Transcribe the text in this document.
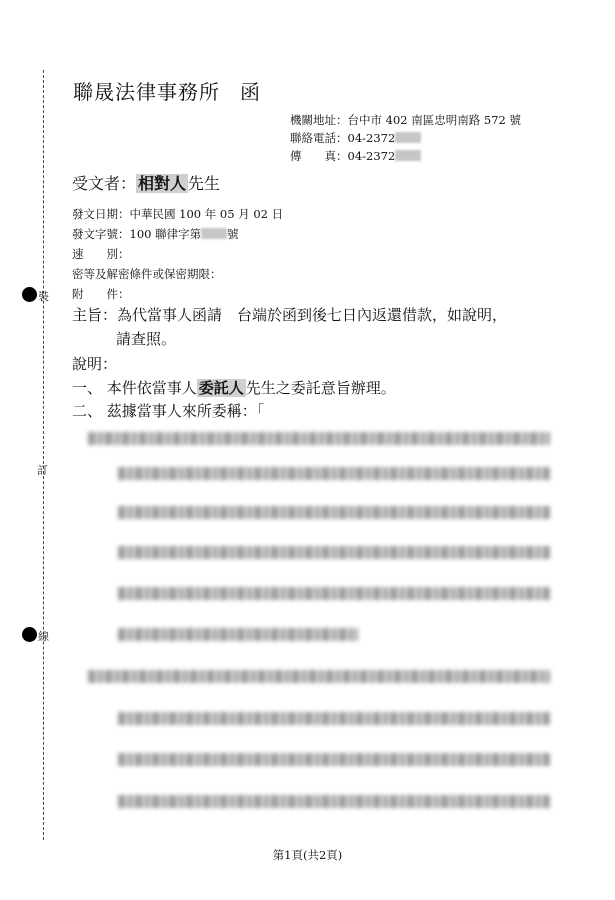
裝
訂
線
聯晟法律事務所 函
機關地址：台中市 402 南區忠明南路 572 號
聯絡電話：04-2372
傳　　真：04-2372
受文者： 相對人 先生
發文日期：中華民國 100 年 05 月 02 日
發文字號：100 聯律字第 號
速　　別：
密等及解密條件或保密期限：
附　　件：
主旨：為代當事人函請　台端於函到後七日內返還借款，如說明，
請查照。
說明：
一、 本件依當事人 委託人 先生之委託意旨辦理。
二、 茲據當事人來所委稱：「
第1頁(共2頁)
